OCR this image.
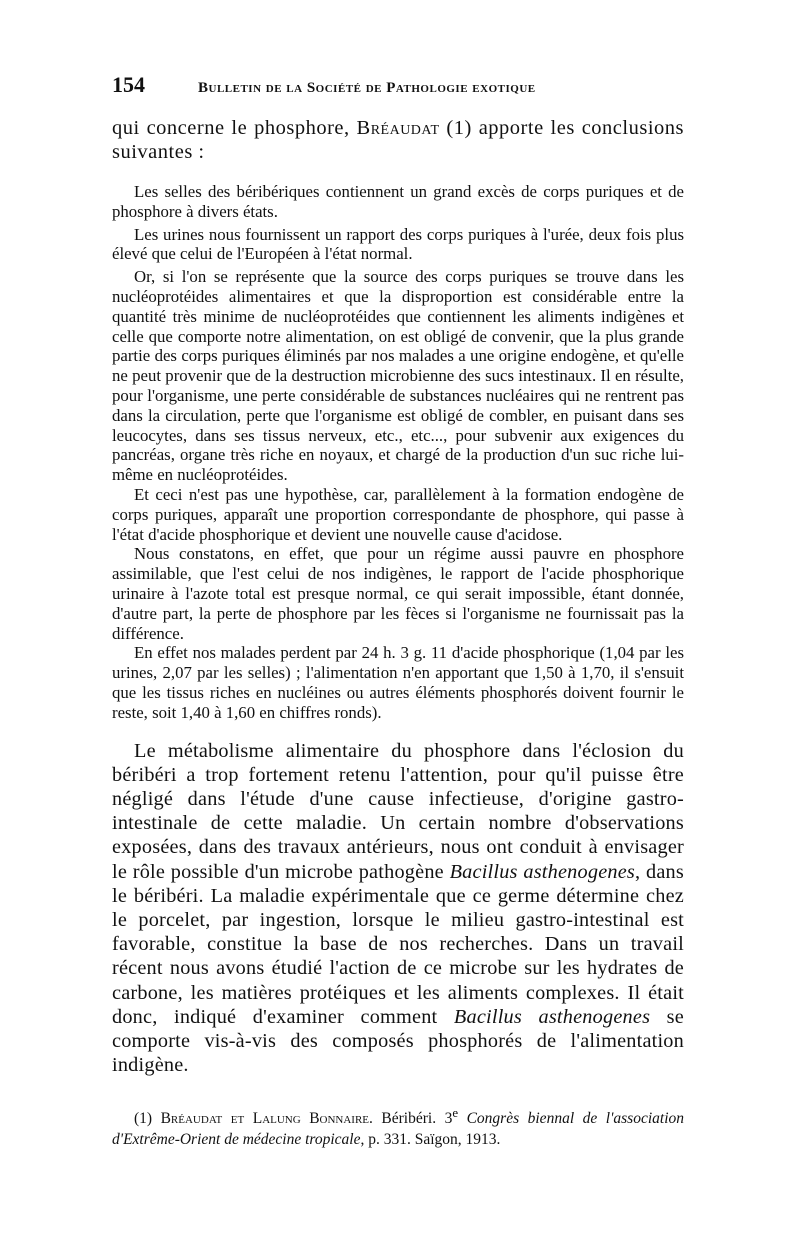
154	Bulletin de la Société de Pathologie exotique

qui concerne le phosphore, Bréaudat (1) apporte les conclusions suivantes :

Les selles des béribériques contiennent un grand excès de corps puriques et de phosphore à divers états.

Les urines nous fournissent un rapport des corps puriques à l'urée, deux fois plus élevé que celui de l'Européen à l'état normal.

Or, si l'on se représente que la source des corps puriques se trouve dans les nucléoprotéides alimentaires et que la disproportion est considérable entre la quantité très minime de nucléoprotéides que contiennent les aliments indigènes et celle que comporte notre alimentation, on est obligé de convenir, que la plus grande partie des corps puriques éliminés par nos malades a une origine endogène, et qu'elle ne peut provenir que de la destruction microbienne des sucs intestinaux. Il en résulte, pour l'organisme, une perte considérable de substances nucléaires qui ne rentrent pas dans la circulation, perte que l'organisme est obligé de combler, en puisant dans ses leucocytes, dans ses tissus nerveux, etc., etc..., pour subvenir aux exigences du pancréas, organe très riche en noyaux, et chargé de la production d'un suc riche lui-même en nucléoprotéides.

Et ceci n'est pas une hypothèse, car, parallèlement à la formation endogène de corps puriques, apparaît une proportion correspondante de phosphore, qui passe à l'état d'acide phosphorique et devient une nouvelle cause d'acidose.

Nous constatons, en effet, que pour un régime aussi pauvre en phosphore assimilable, que l'est celui de nos indigènes, le rapport de l'acide phosphorique urinaire à l'azote total est presque normal, ce qui serait impossible, étant donnée, d'autre part, la perte de phosphore par les fèces si l'organisme ne fournissait pas la différence.

En effet nos malades perdent par 24 h. 3 g. 11 d'acide phosphorique (1,04 par les urines, 2,07 par les selles) ; l'alimentation n'en apportant que 1,50 à 1,70, il s'ensuit que les tissus riches en nucléines ou autres éléments phosphorés doivent fournir le reste, soit 1,40 à 1,60 en chiffres ronds).

Le métabolisme alimentaire du phosphore dans l'éclosion du béribéri a trop fortement retenu l'attention, pour qu'il puisse être négligé dans l'étude d'une cause infectieuse, d'origine gastro-intestinale de cette maladie. Un certain nombre d'observations exposées, dans des travaux antérieurs, nous ont conduit à envisager le rôle possible d'un microbe pathogène Bacillus asthenogenes, dans le béribéri. La maladie expérimentale que ce germe détermine chez le porcelet, par ingestion, lorsque le milieu gastro-intestinal est favorable, constitue la base de nos recherches. Dans un travail récent nous avons étudié l'action de ce microbe sur les hydrates de carbone, les matières protéiques et les aliments complexes. Il était donc, indiqué d'examiner comment Bacillus asthenogenes se comporte vis-à-vis des composés phosphorés de l'alimentation indigène.

(1) Bréaudat et Lalung Bonnaire. Béribéri. 3e Congrès biennal de l'association d'Extrême-Orient de médecine tropicale, p. 331. Saïgon, 1913.
